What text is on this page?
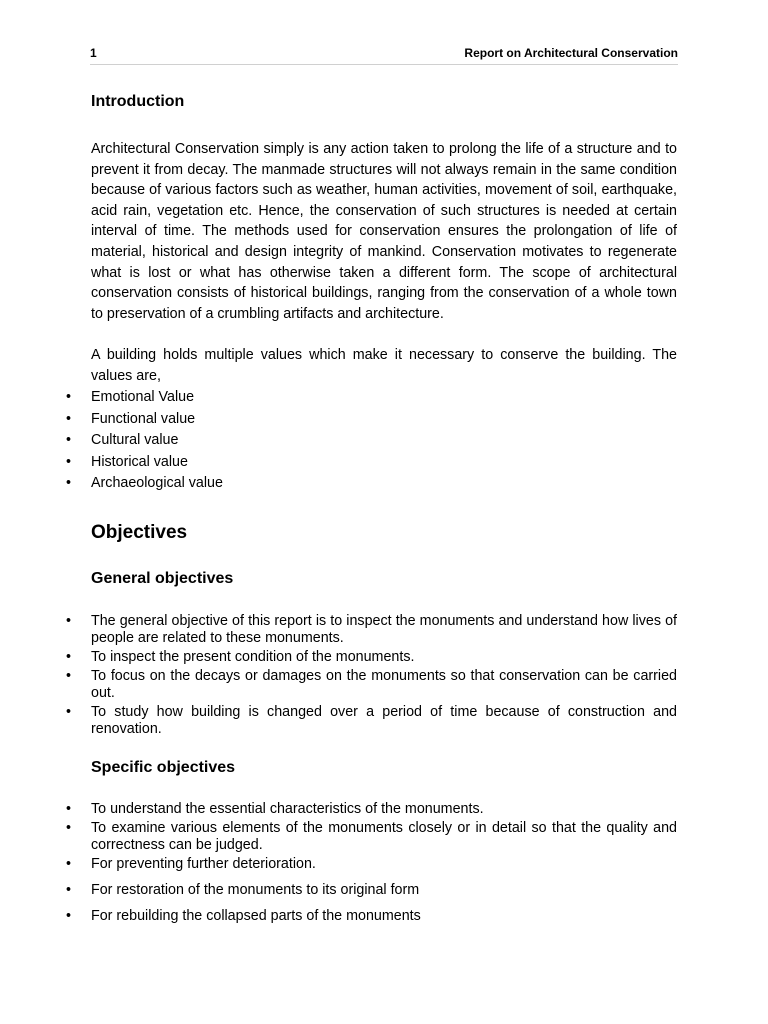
1	Report on Architectural Conservation
Introduction

Architectural Conservation simply is any action taken to prolong the life of a structure and to prevent it from decay. The manmade structures will not always remain in the same condition because of various factors such as weather, human activities, movement of soil, earthquake, acid rain, vegetation etc. Hence, the conservation of such structures is needed at certain interval of time. The methods used for conservation ensures the prolongation of life of material, historical and design integrity of mankind. Conservation motivates to regenerate what is lost or what has otherwise taken a different form. The scope of architectural conservation consists of historical buildings, ranging from the conservation of a whole town to preservation of a crumbling artifacts and architecture.

A building holds multiple values which make it necessary to conserve the building. The values are,

• Emotional Value
• Functional value
• Cultural value
• Historical value
• Archaeological value
Objectives
General objectives
• The general objective of this report is to inspect the monuments and understand how lives of people are related to these monuments.
• To inspect the present condition of the monuments.
• To focus on the decays or damages on the monuments so that conservation can be carried out.
• To study how building is changed over a period of time because of construction and renovation.
Specific objectives
• To understand the essential characteristics of the monuments.
• To examine various elements of the monuments closely or in detail so that the quality and correctness can be judged.
• For preventing further deterioration.
• For restoration of the monuments to its original form
• For rebuilding the collapsed parts of the monuments
